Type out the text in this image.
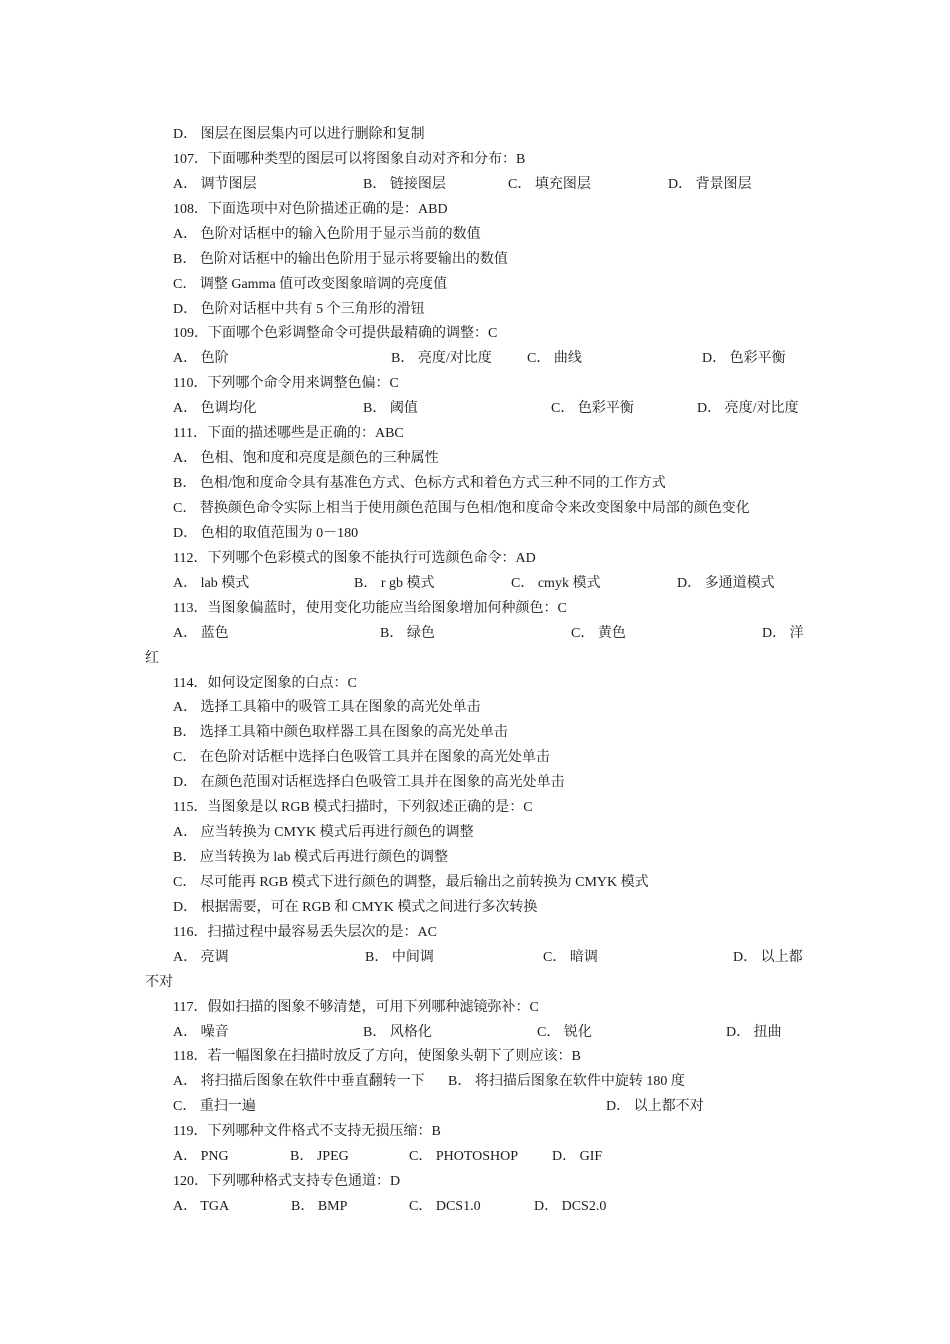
D． 图层在图层集内可以进行删除和复制
107．下面哪种类型的图层可以将图象自动对齐和分布：B
A． 调节图层	B． 链接图层	C． 填充图层	D． 背景图层
108．下面选项中对色阶描述正确的是：ABD
A． 色阶对话框中的输入色阶用于显示当前的数值
B． 色阶对话框中的输出色阶用于显示将要输出的数值
C． 调整 Gamma 值可改变图象暗调的亮度值
D． 色阶对话框中共有 5 个三角形的滑钮
109．下面哪个色彩调整命令可提供最精确的调整：C
A． 色阶	B． 亮度/对比度	C． 曲线	D． 色彩平衡
110．下列哪个命令用来调整色偏：C
A． 色调均化	B． 阈值	C． 色彩平衡	D． 亮度/对比度
111．下面的描述哪些是正确的：ABC
A． 色相、饱和度和亮度是颜色的三种属性
B． 色相/饱和度命令具有基准色方式、色标方式和着色方式三种不同的工作方式
C． 替换颜色命令实际上相当于使用颜色范围与色相/饱和度命令来改变图象中局部的颜色变化
D． 色相的取值范围为 0－180
112．下列哪个色彩模式的图象不能执行可选颜色命令：AD
A． lab 模式	B． r gb 模式	C． cmyk 模式	D． 多通道模式
113．当图象偏蓝时，使用变化功能应当给图象增加何种颜色：C
A． 蓝色	B． 绿色	C． 黄色	D． 洋
红
114．如何设定图象的白点：C
A． 选择工具箱中的吸管工具在图象的高光处单击
B． 选择工具箱中颜色取样器工具在图象的高光处单击
C． 在色阶对话框中选择白色吸管工具并在图象的高光处单击
D． 在颜色范围对话框选择白色吸管工具并在图象的高光处单击
115．当图象是以 RGB 模式扫描时，下列叙述正确的是：C
A． 应当转换为 CMYK 模式后再进行颜色的调整
B． 应当转换为 lab 模式后再进行颜色的调整
C． 尽可能再 RGB 模式下进行颜色的调整，最后输出之前转换为 CMYK 模式
D． 根据需要，可在 RGB 和 CMYK 模式之间进行多次转换
116．扫描过程中最容易丢失层次的是：AC
A． 亮调	B． 中间调	C． 暗调	D． 以上都
不对
117．假如扫描的图象不够清楚，可用下列哪种滤镜弥补：C
A． 噪音	B． 风格化	C． 锐化	D． 扭曲
118．若一幅图象在扫描时放反了方向，使图象头朝下了则应该：B
A． 将扫描后图象在软件中垂直翻转一下 B． 将扫描后图象在软件中旋转 180 度
C． 重扫一遍	D． 以上都不对
119．下列哪种文件格式不支持无损压缩：B
A． PNG	B． JPEG	C． PHOTOSHOP D． GIF
120．下列哪种格式支持专色通道：D
A． TGA	B． BMP	C． DCS1.0	D． DCS2.0
